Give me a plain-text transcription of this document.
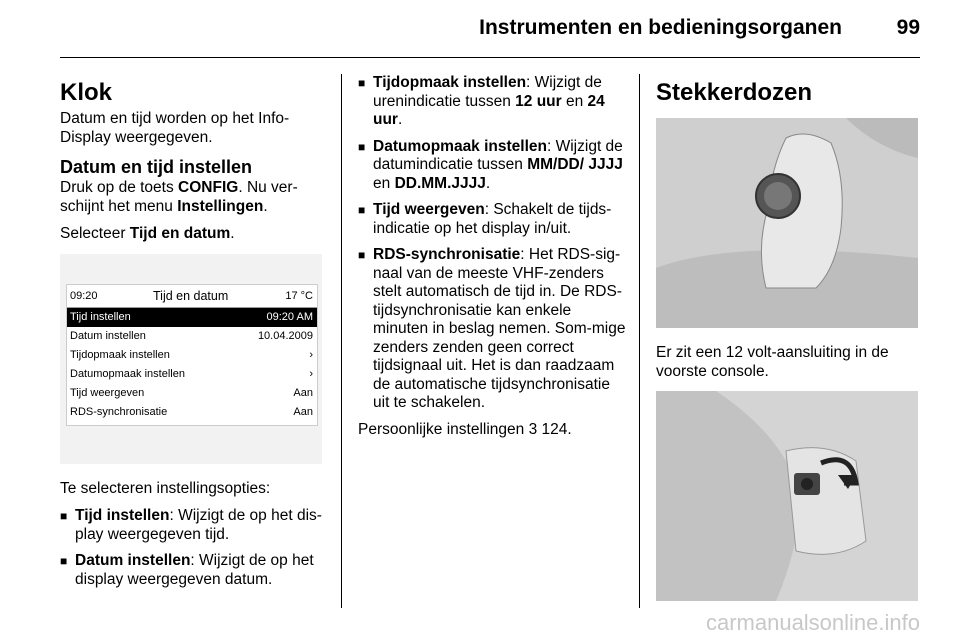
Instrumenten en bedieningsorganen	99
Klok

Datum en tijd worden op het Info-Display weergegeven.

Datum en tijd instellen

Druk op de toets CONFIG. Nu ver-schijnt het menu Instellingen.

Selecteer Tijd en datum.

09:20	Tijd en datum	17 °C
Tijd instellen	09:20 AM
Datum instellen	10.04.2009
Tijdopmaak instellen	›
Datumopmaak instellen	›
Tijd weergeven	Aan
RDS-synchronisatie	Aan

Te selecteren instellingsopties:

■ Tijd instellen: Wijzigt de op het dis-play weergegeven tijd.
■ Datum instellen: Wijzigt de op het display weergegeven datum.
■ Tijdopmaak instellen: Wijzigt de urenindicatie tussen 12 uur en 24 uur.
■ Datumopmaak instellen: Wijzigt de datumindicatie tussen MM/DD/ JJJJ en DD.MM.JJJJ.
■ Tijd weergeven: Schakelt de tijds-indicatie op het display in/uit.
■ RDS-synchronisatie: Het RDS-sig-naal van de meeste VHF-zenders stelt automatisch de tijd in. De RDS-tijdsynchronisatie kan enkele minuten in beslag nemen. Som-mige zenders zenden geen correct tijdsignaal uit. Het is dan raadzaam de automatische tijdsynchronisatie uit te schakelen.

Persoonlijke instellingen 3 124.

Stekkerdozen

Er zit een 12 volt-aansluiting in de voorste console.

carmanualsonline.info
